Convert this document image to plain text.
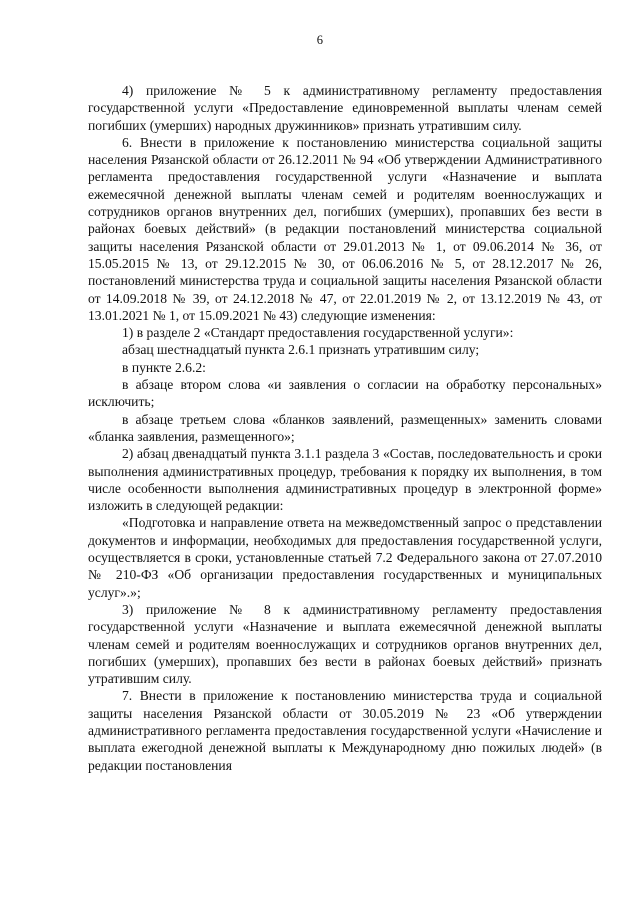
6

4) приложение № 5 к административному регламенту предоставления государственной услуги «Предоставление единовременной выплаты членам семей погибших (умерших) народных дружинников» признать утратившим силу.

6. Внести в приложение к постановлению министерства социальной защиты населения Рязанской области от 26.12.2011 № 94 «Об утверждении Административного регламента предоставления государственной услуги «Назначение и выплата ежемесячной денежной выплаты членам семей и родителям военнослужащих и сотрудников органов внутренних дел, погибших (умерших), пропавших без вести в районах боевых действий» (в редакции постановлений министерства социальной защиты населения Рязанской области от 29.01.2013 № 1, от 09.06.2014 № 36, от 15.05.2015 № 13, от 29.12.2015 № 30, от 06.06.2016 № 5, от 28.12.2017 № 26, постановлений министерства труда и социальной защиты населения Рязанской области от 14.09.2018 № 39, от 24.12.2018 № 47, от 22.01.2019 № 2, от 13.12.2019 № 43, от 13.01.2021 № 1, от 15.09.2021 № 43) следующие изменения:

1) в разделе 2 «Стандарт предоставления государственной услуги»:

абзац шестнадцатый пункта 2.6.1 признать утратившим силу;

в пункте 2.6.2:

в абзаце втором слова «и заявления о согласии на обработку персональных» исключить;

в абзаце третьем слова «бланков заявлений, размещенных» заменить словами «бланка заявления, размещенного»;

2) абзац двенадцатый пункта 3.1.1 раздела 3 «Состав, последовательность и сроки выполнения административных процедур, требования к порядку их выполнения, в том числе особенности выполнения административных процедур в электронной форме» изложить в следующей редакции:

«Подготовка и направление ответа на межведомственный запрос о представлении документов и информации, необходимых для предоставления государственной услуги, осуществляется в сроки, установленные статьей 7.2 Федерального закона от 27.07.2010 № 210-ФЗ «Об организации предоставления государственных и муниципальных услуг».»;

3) приложение № 8 к административному регламенту предоставления государственной услуги «Назначение и выплата ежемесячной денежной выплаты членам семей и родителям военнослужащих и сотрудников органов внутренних дел, погибших (умерших), пропавших без вести в районах боевых действий» признать утратившим силу.

7. Внести в приложение к постановлению министерства труда и социальной защиты населения Рязанской области от 30.05.2019 № 23 «Об утверждении административного регламента предоставления государственной услуги «Начисление и выплата ежегодной денежной выплаты к Международному дню пожилых людей» (в редакции постановления
